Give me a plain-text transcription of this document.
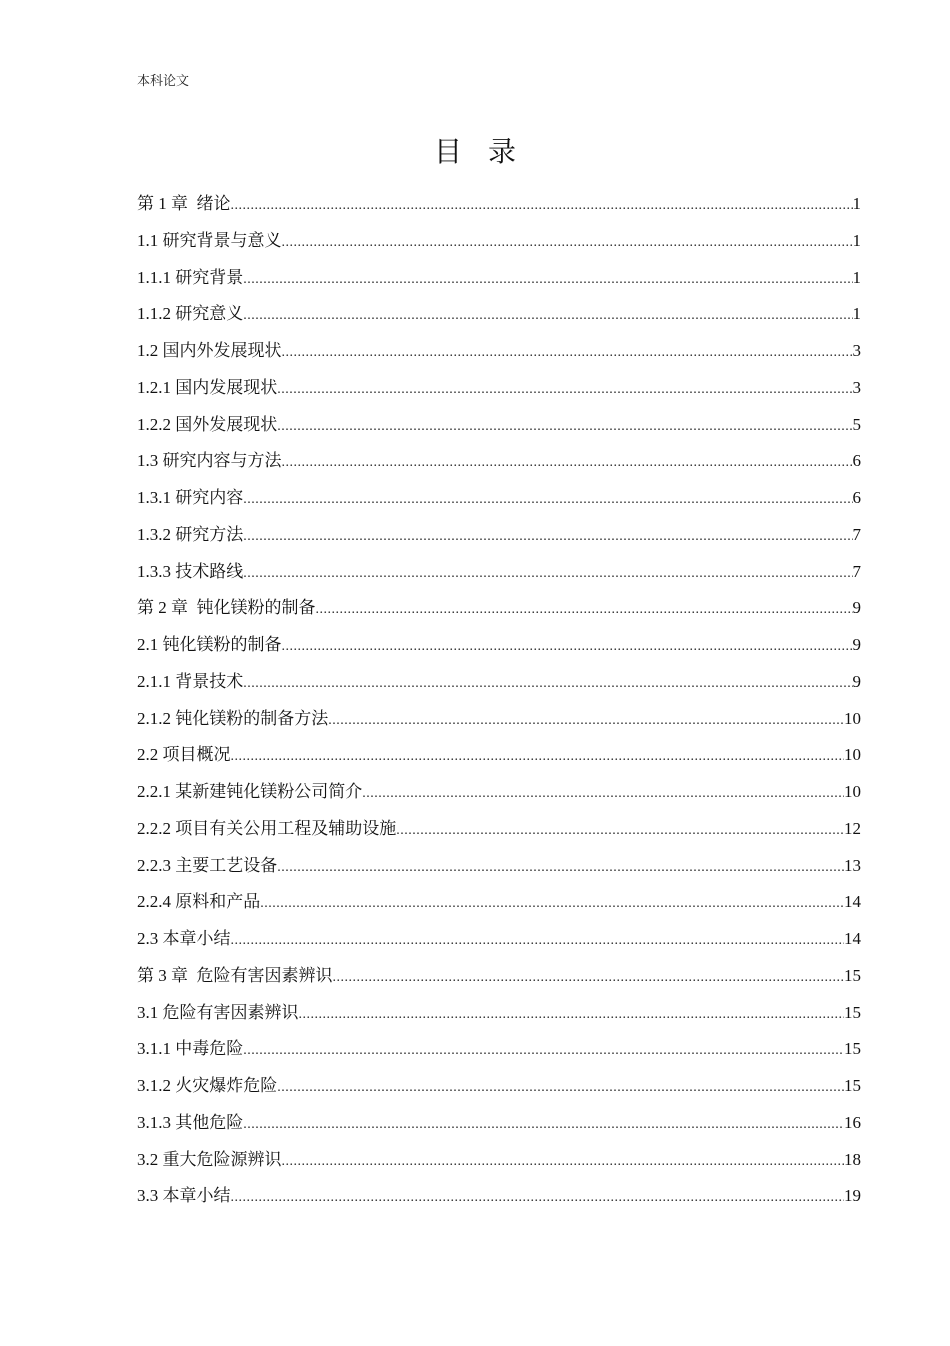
本科论文
目录
第 1 章  绪论 .....	1
1.1 研究背景与意义 .....	1
1.1.1 研究背景 .....	1
1.1.2 研究意义 .....	1
1.2 国内外发展现状 .....	3
1.2.1 国内发展现状 .....	3
1.2.2 国外发展现状 .....	5
1.3 研究内容与方法 .....	6
1.3.1 研究内容 .....	6
1.3.2 研究方法 .....	7
1.3.3 技术路线 .....	7
第 2 章  钝化镁粉的制备 .....	9
2.1 钝化镁粉的制备 .....	9
2.1.1 背景技术 .....	9
2.1.2 钝化镁粉的制备方法 .....	10
2.2 项目概况 .....	10
2.2.1 某新建钝化镁粉公司简介 .....	10
2.2.2 项目有关公用工程及辅助设施 .....	12
2.2.3 主要工艺设备 .....	13
2.2.4 原料和产品 .....	14
2.3 本章小结 .....	14
第 3 章  危险有害因素辨识 .....	15
3.1 危险有害因素辨识 .....	15
3.1.1 中毒危险 .....	15
3.1.2 火灾爆炸危险 .....	15
3.1.3 其他危险 .....	16
3.2 重大危险源辨识 .....	18
3.3 本章小结 .....	19
